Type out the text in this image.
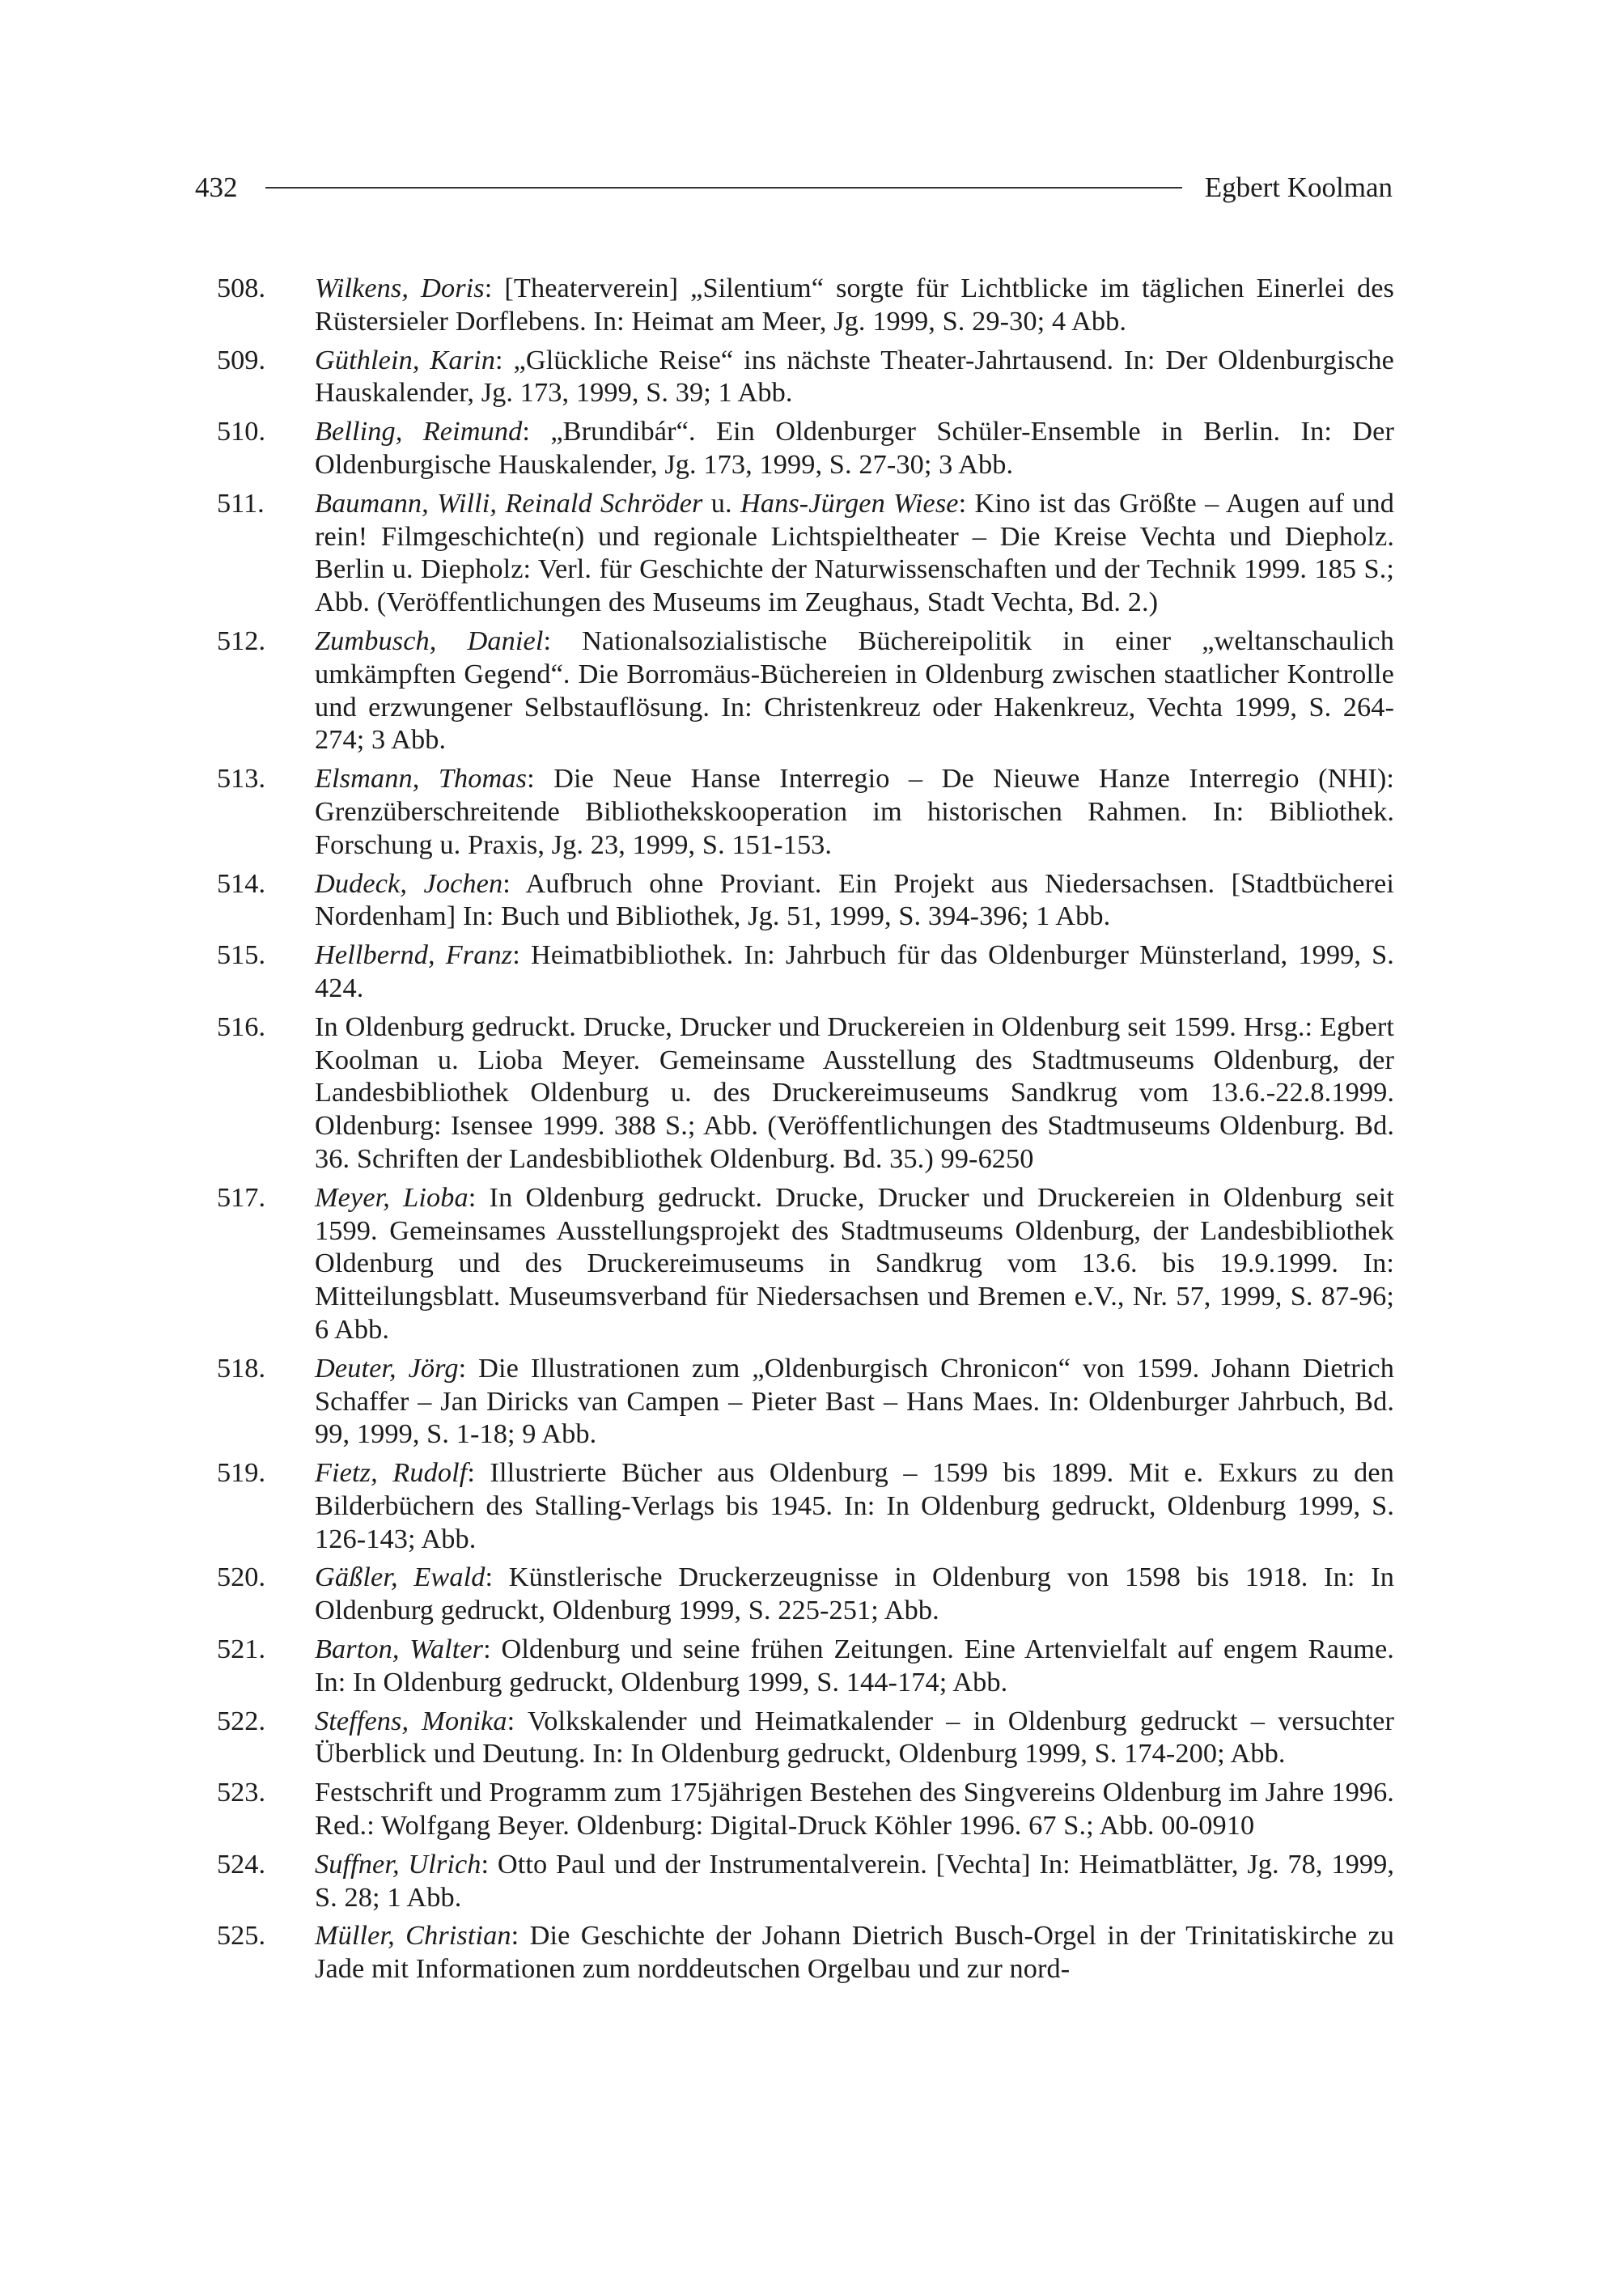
432	Egbert Koolman
508.	Wilkens, Doris: [Theaterverein] „Silentium“ sorgte für Lichtblicke im täglichen Einerlei des Rüstersieler Dorflebens. In: Heimat am Meer, Jg. 1999, S. 29-30; 4 Abb.
509.	Güthlein, Karin: „Glückliche Reise“ ins nächste Theater-Jahrtausend. In: Der Oldenburgische Hauskalender, Jg. 173, 1999, S. 39; 1 Abb.
510.	Belling, Reimund: „Brundibár“. Ein Oldenburger Schüler-Ensemble in Berlin. In: Der Oldenburgische Hauskalender, Jg. 173, 1999, S. 27-30; 3 Abb.
511.	Baumann, Willi, Reinald Schröder u. Hans-Jürgen Wiese: Kino ist das Größte – Augen auf und rein! Filmgeschichte(n) und regionale Lichtspieltheater – Die Kreise Vechta und Diepholz. Berlin u. Diepholz: Verl. für Geschichte der Naturwissenschaften und der Technik 1999. 185 S.; Abb. (Veröffentlichungen des Museums im Zeughaus, Stadt Vechta, Bd. 2.)
512.	Zumbusch, Daniel: Nationalsozialistische Büchereipolitik in einer „weltanschaulich umkämpften Gegend“. Die Borromäus-Büchereien in Oldenburg zwischen staatlicher Kontrolle und erzwungener Selbstauflösung. In: Christenkreuz oder Hakenkreuz, Vechta 1999, S. 264-274; 3 Abb.
513.	Elsmann, Thomas: Die Neue Hanse Interregio – De Nieuwe Hanze Interregio (NHI): Grenzüberschreitende Bibliothekskooperation im historischen Rahmen. In: Bibliothek. Forschung u. Praxis, Jg. 23, 1999, S. 151-153.
514.	Dudeck, Jochen: Aufbruch ohne Proviant. Ein Projekt aus Niedersachsen. [Stadtbücherei Nordenham] In: Buch und Bibliothek, Jg. 51, 1999, S. 394-396; 1 Abb.
515.	Hellbernd, Franz: Heimatbibliothek. In: Jahrbuch für das Oldenburger Münsterland, 1999, S. 424.
516.	In Oldenburg gedruckt. Drucke, Drucker und Druckereien in Oldenburg seit 1599. Hrsg.: Egbert Koolman u. Lioba Meyer. Gemeinsame Ausstellung des Stadtmuseums Oldenburg, der Landesbibliothek Oldenburg u. des Druckereimuseums Sandkrug vom 13.6.-22.8.1999. Oldenburg: Isensee 1999. 388 S.; Abb. (Veröffentlichungen des Stadtmuseums Oldenburg. Bd. 36. Schriften der Landesbibliothek Oldenburg. Bd. 35.) 99-6250
517.	Meyer, Lioba: In Oldenburg gedruckt. Drucke, Drucker und Druckereien in Oldenburg seit 1599. Gemeinsames Ausstellungsprojekt des Stadtmuseums Oldenburg, der Landesbibliothek Oldenburg und des Druckereimuseums in Sandkrug vom 13.6. bis 19.9.1999. In: Mitteilungsblatt. Museumsverband für Niedersachsen und Bremen e.V., Nr. 57, 1999, S. 87-96; 6 Abb.
518.	Deuter, Jörg: Die Illustrationen zum „Oldenburgisch Chronicon“ von 1599. Johann Dietrich Schaffer – Jan Diricks van Campen – Pieter Bast – Hans Maes. In: Oldenburger Jahrbuch, Bd. 99, 1999, S. 1-18; 9 Abb.
519.	Fietz, Rudolf: Illustrierte Bücher aus Oldenburg – 1599 bis 1899. Mit e. Exkurs zu den Bilderbüchern des Stalling-Verlags bis 1945. In: In Oldenburg gedruckt, Oldenburg 1999, S. 126-143; Abb.
520.	Gäßler, Ewald: Künstlerische Druckerzeugnisse in Oldenburg von 1598 bis 1918. In: In Oldenburg gedruckt, Oldenburg 1999, S. 225-251; Abb.
521.	Barton, Walter: Oldenburg und seine frühen Zeitungen. Eine Artenvielfalt auf engem Raume. In: In Oldenburg gedruckt, Oldenburg 1999, S. 144-174; Abb.
522.	Steffens, Monika: Volkskalender und Heimatkalender – in Oldenburg gedruckt – versuchter Überblick und Deutung. In: In Oldenburg gedruckt, Oldenburg 1999, S. 174-200; Abb.
523.	Festschrift und Programm zum 175jährigen Bestehen des Singvereins Oldenburg im Jahre 1996. Red.: Wolfgang Beyer. Oldenburg: Digital-Druck Köhler 1996. 67 S.; Abb. 00-0910
524.	Suffner, Ulrich: Otto Paul und der Instrumentalverein. [Vechta] In: Heimatblätter, Jg. 78, 1999, S. 28; 1 Abb.
525.	Müller, Christian: Die Geschichte der Johann Dietrich Busch-Orgel in der Trinitatiskirche zu Jade mit Informationen zum norddeutschen Orgelbau und zur nord-
